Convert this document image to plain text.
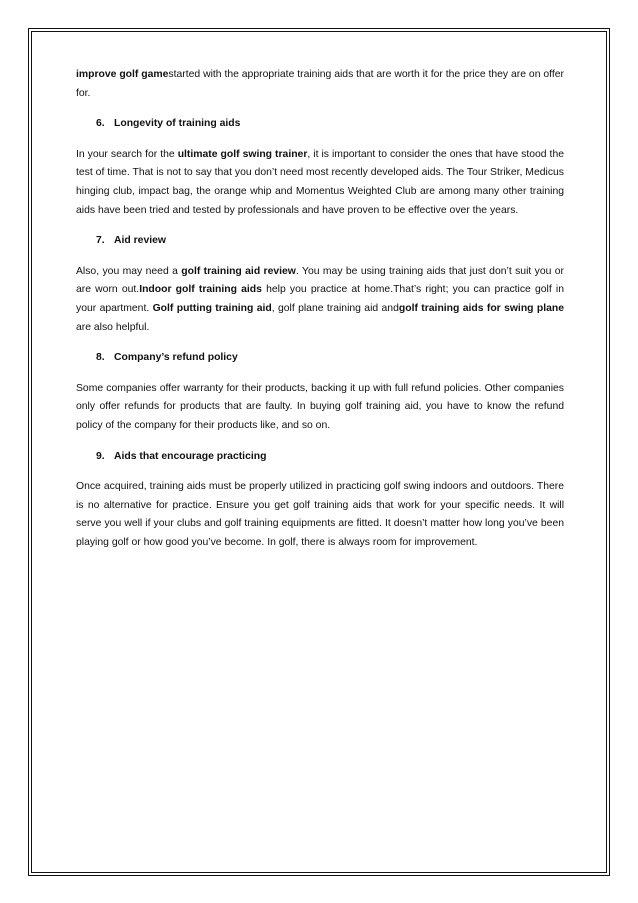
improve golf gamestarted with the appropriate training aids that are worth it for the price they are on offer for.

6. Longevity of training aids

In your search for the ultimate golf swing trainer, it is important to consider the ones that have stood the test of time. That is not to say that you don’t need most recently developed aids. The Tour Striker, Medicus hinging club, impact bag, the orange whip and Momentus Weighted Club are among many other training aids have been tried and tested by professionals and have proven to be effective over the years.

7. Aid review

Also, you may need a golf training aid review. You may be using training aids that just don’t suit you or are worn out.Indoor golf training aids help you practice at home.That’s right; you can practice golf in your apartment. Golf putting training aid, golf plane training aid andgolf training aids for swing plane are also helpful.

8. Company’s refund policy

Some companies offer warranty for their products, backing it up with full refund policies. Other companies only offer refunds for products that are faulty. In buying golf training aid, you have to know the refund policy of the company for their products like, and so on.

9. Aids that encourage practicing

Once acquired, training aids must be properly utilized in practicing golf swing indoors and outdoors. There is no alternative for practice. Ensure you get golf training aids that work for your specific needs. It will serve you well if your clubs and golf training equipments are fitted. It doesn’t matter how long you’ve been playing golf or how good you’ve become. In golf, there is always room for improvement.
